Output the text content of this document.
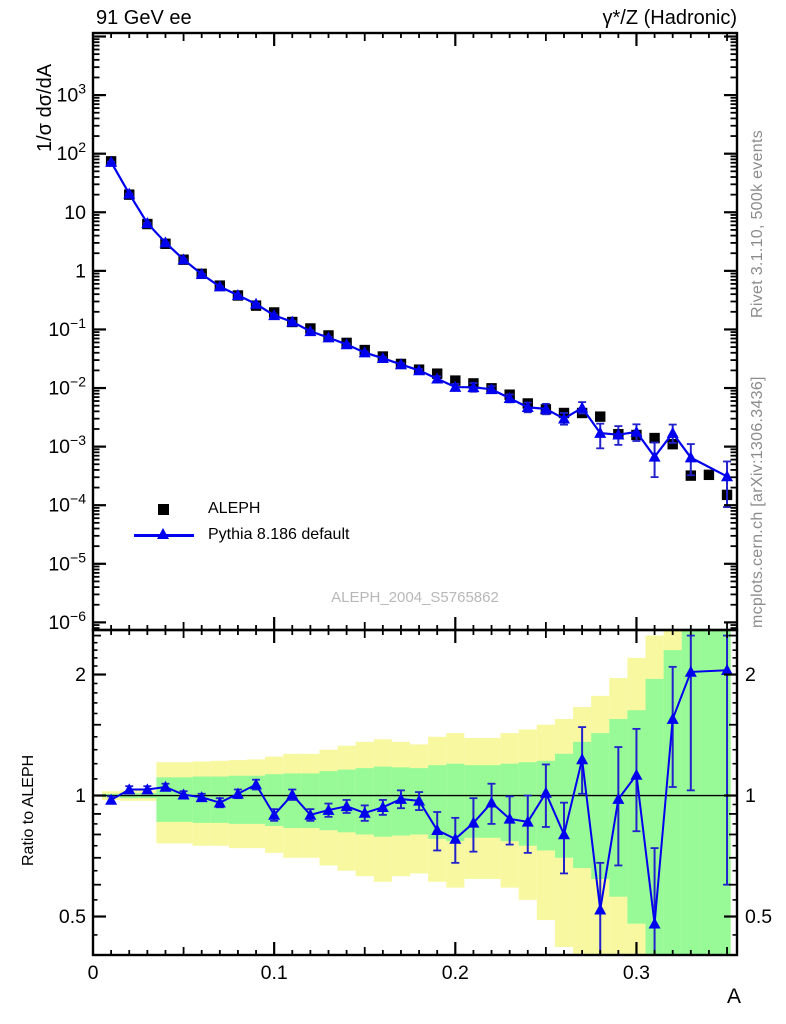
$10^3$
$10^2$
10
1
$10^{-1}$
$10^{-2}$
$10^{-3}$
$10^{-4}$
$10^{-5}$
$10^{-6}$
0	0.1	0.2	0.3
2	2
1	1
0.5	0.5
91 GeV ee	γ*/Z (Hadronic)
1/σ dσ/dA
Ratio to ALEPH
Rivet 3.1.10, 500k events
mcplots.cern.ch [arXiv:1306.3436]
ALEPH_2004_S5765862
A
ALEPH
Pythia 8.186 default
